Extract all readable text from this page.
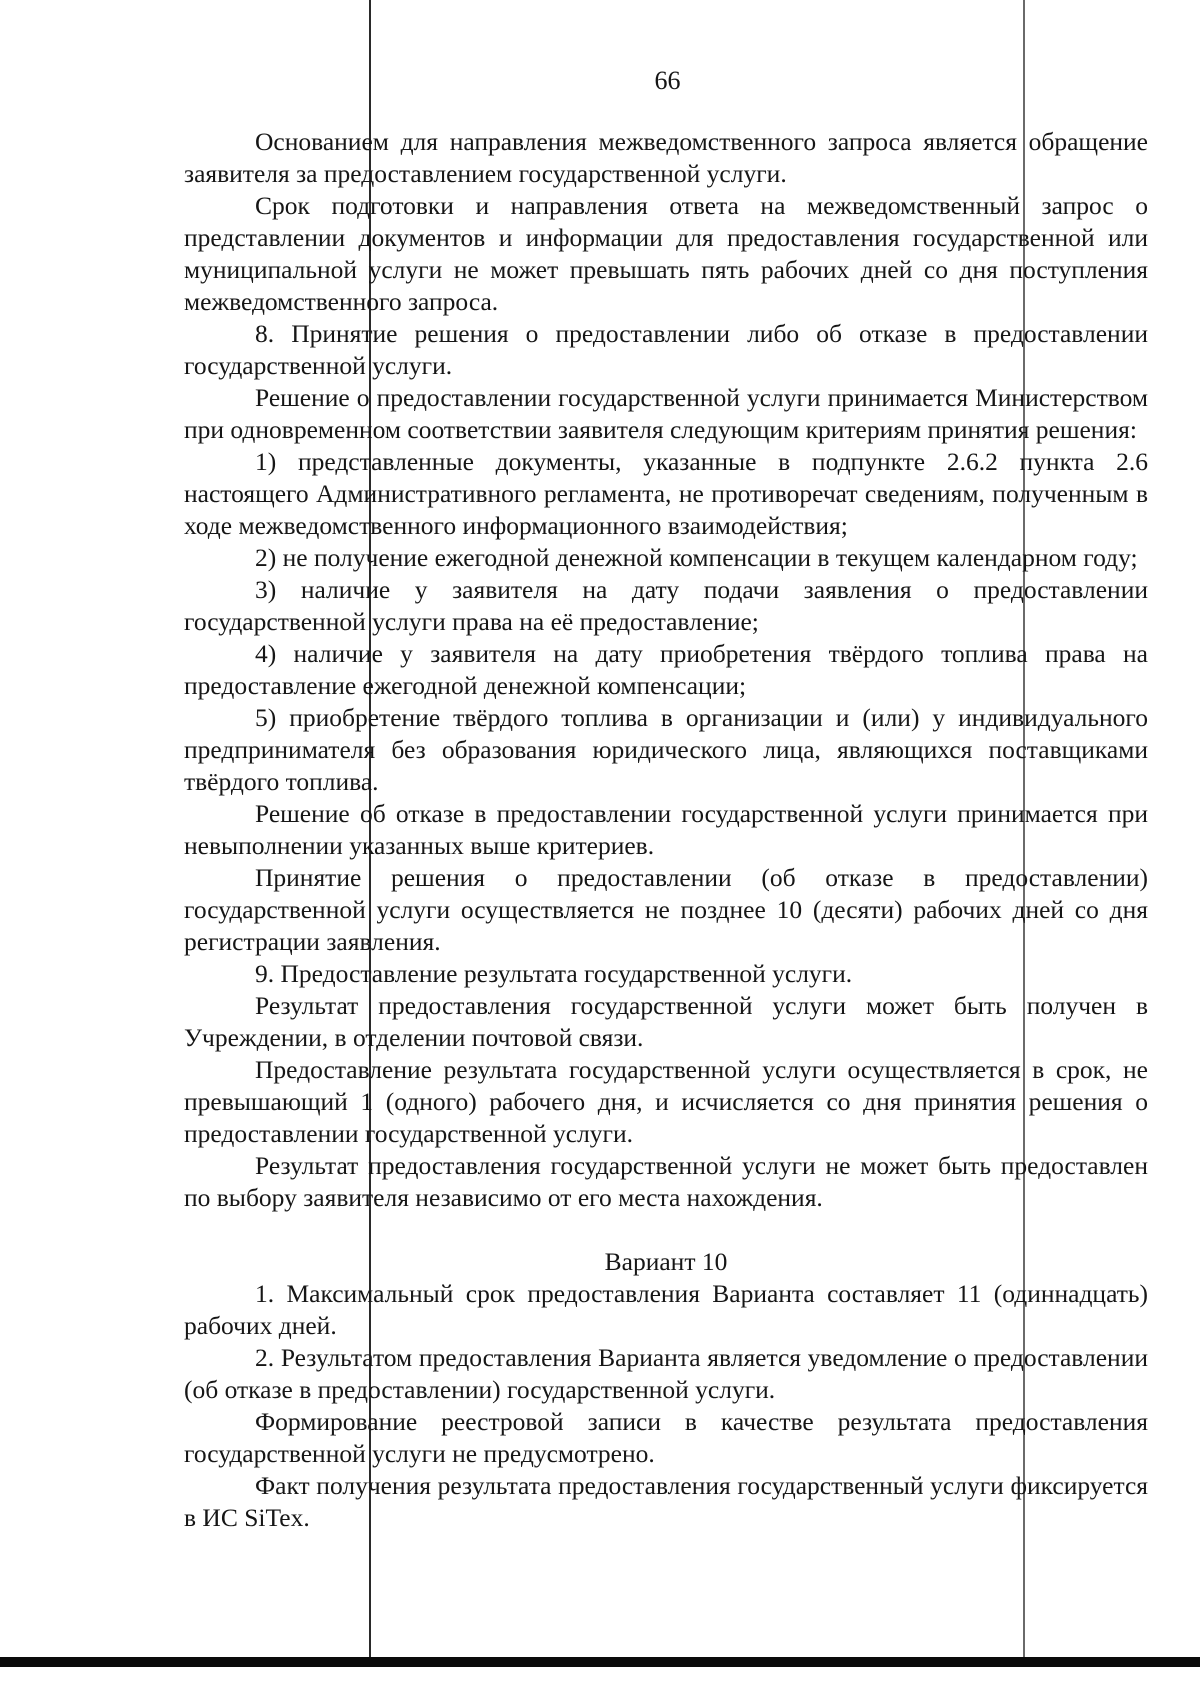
66

Основанием для направления межведомственного запроса является обращение заявителя за предоставлением государственной услуги.

Срок подготовки и направления ответа на межведомственный запрос о представлении документов и информации для предоставления государственной или муниципальной услуги не может превышать пять рабочих дней со дня поступления межведомственного запроса.

8. Принятие решения о предоставлении либо об отказе в предоставлении государственной услуги.

Решение о предоставлении государственной услуги принимается Министерством при одновременном соответствии заявителя следующим критериям принятия решения:

1) представленные документы, указанные в подпункте 2.6.2 пункта 2.6 настоящего Административного регламента, не противоречат сведениям, полученным в ходе межведомственного информационного взаимодействия;

2) не получение ежегодной денежной компенсации в текущем календарном году;

3) наличие у заявителя на дату подачи заявления о предоставлении государственной услуги права на её предоставление;

4) наличие у заявителя на дату приобретения твёрдого топлива права на предоставление ежегодной денежной компенсации;

5) приобретение твёрдого топлива в организации и (или) у индивидуального предпринимателя без образования юридического лица, являющихся поставщиками твёрдого топлива.

Решение об отказе в предоставлении государственной услуги принимается при невыполнении указанных выше критериев.

Принятие решения о предоставлении (об отказе в предоставлении) государственной услуги осуществляется не позднее 10 (десяти) рабочих дней со дня регистрации заявления.

9. Предоставление результата государственной услуги.

Результат предоставления государственной услуги может быть получен в Учреждении, в отделении почтовой связи.

Предоставление результата государственной услуги осуществляется в срок, не превышающий 1 (одного) рабочего дня, и исчисляется со дня принятия решения о предоставлении государственной услуги.

Результат предоставления государственной услуги не может быть предоставлен по выбору заявителя независимо от его места нахождения.

Вариант 10

1. Максимальный срок предоставления Варианта составляет 11 (одиннадцать) рабочих дней.

2. Результатом предоставления Варианта является уведомление о предоставлении (об отказе в предоставлении) государственной услуги.

Формирование реестровой записи в качестве результата предоставления государственной услуги не предусмотрено.

Факт получения результата предоставления государственный услуги фиксируется в ИС SiTex.
